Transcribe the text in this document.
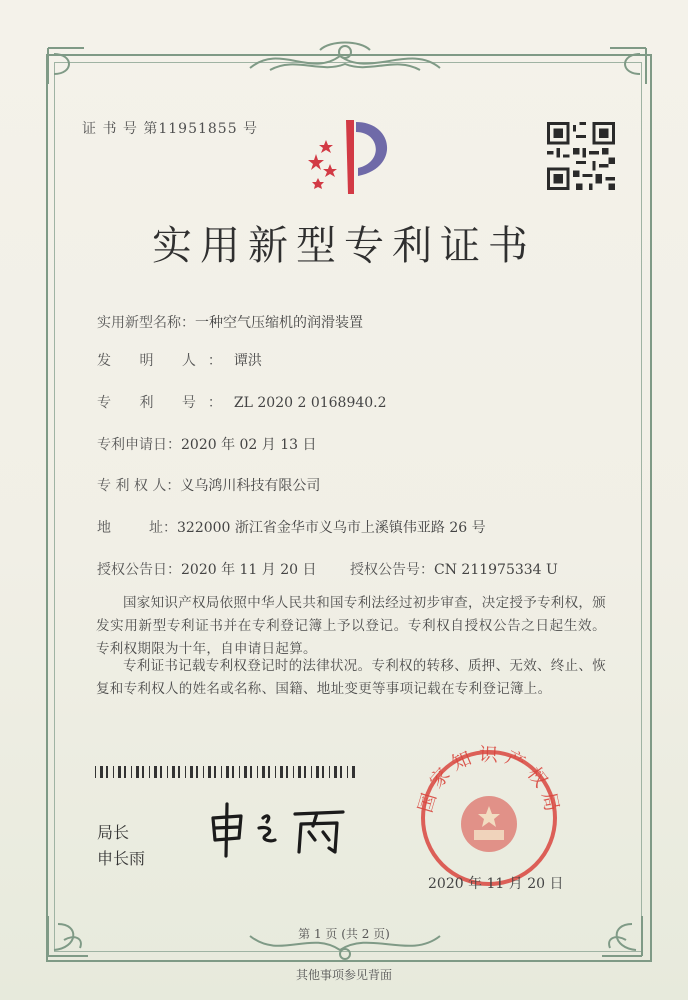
证 书 号 第11951855 号
实用新型专利证书
实用新型名称：一种空气压缩机的润滑装置
发 明 人：谭洪
专 利 号：ZL 2020 2 0168940.2
专利申请日：2020 年 02 月 13 日
专 利 权 人：义乌鸿川科技有限公司
地	址：322000 浙江省金华市义乌市上溪镇伟亚路 26 号
授权公告日：2020 年 11 月 20 日 授权公告号：CN 211975334 U
国家知识产权局依照中华人民共和国专利法经过初步审查，决定授予专利权，颁发实用新型专利证书并在专利登记簿上予以登记。专利权自授权公告之日起生效。专利权期限为十年，自申请日起算。
专利证书记载专利权登记时的法律状况。专利权的转移、质押、无效、终止、恢复和专利权人的姓名或名称、国籍、地址变更等事项记载在专利登记簿上。
局长
申长雨
国家知识产权局
2020 年 11 月 20 日
第 1 页 (共 2 页)
其他事项参见背面
